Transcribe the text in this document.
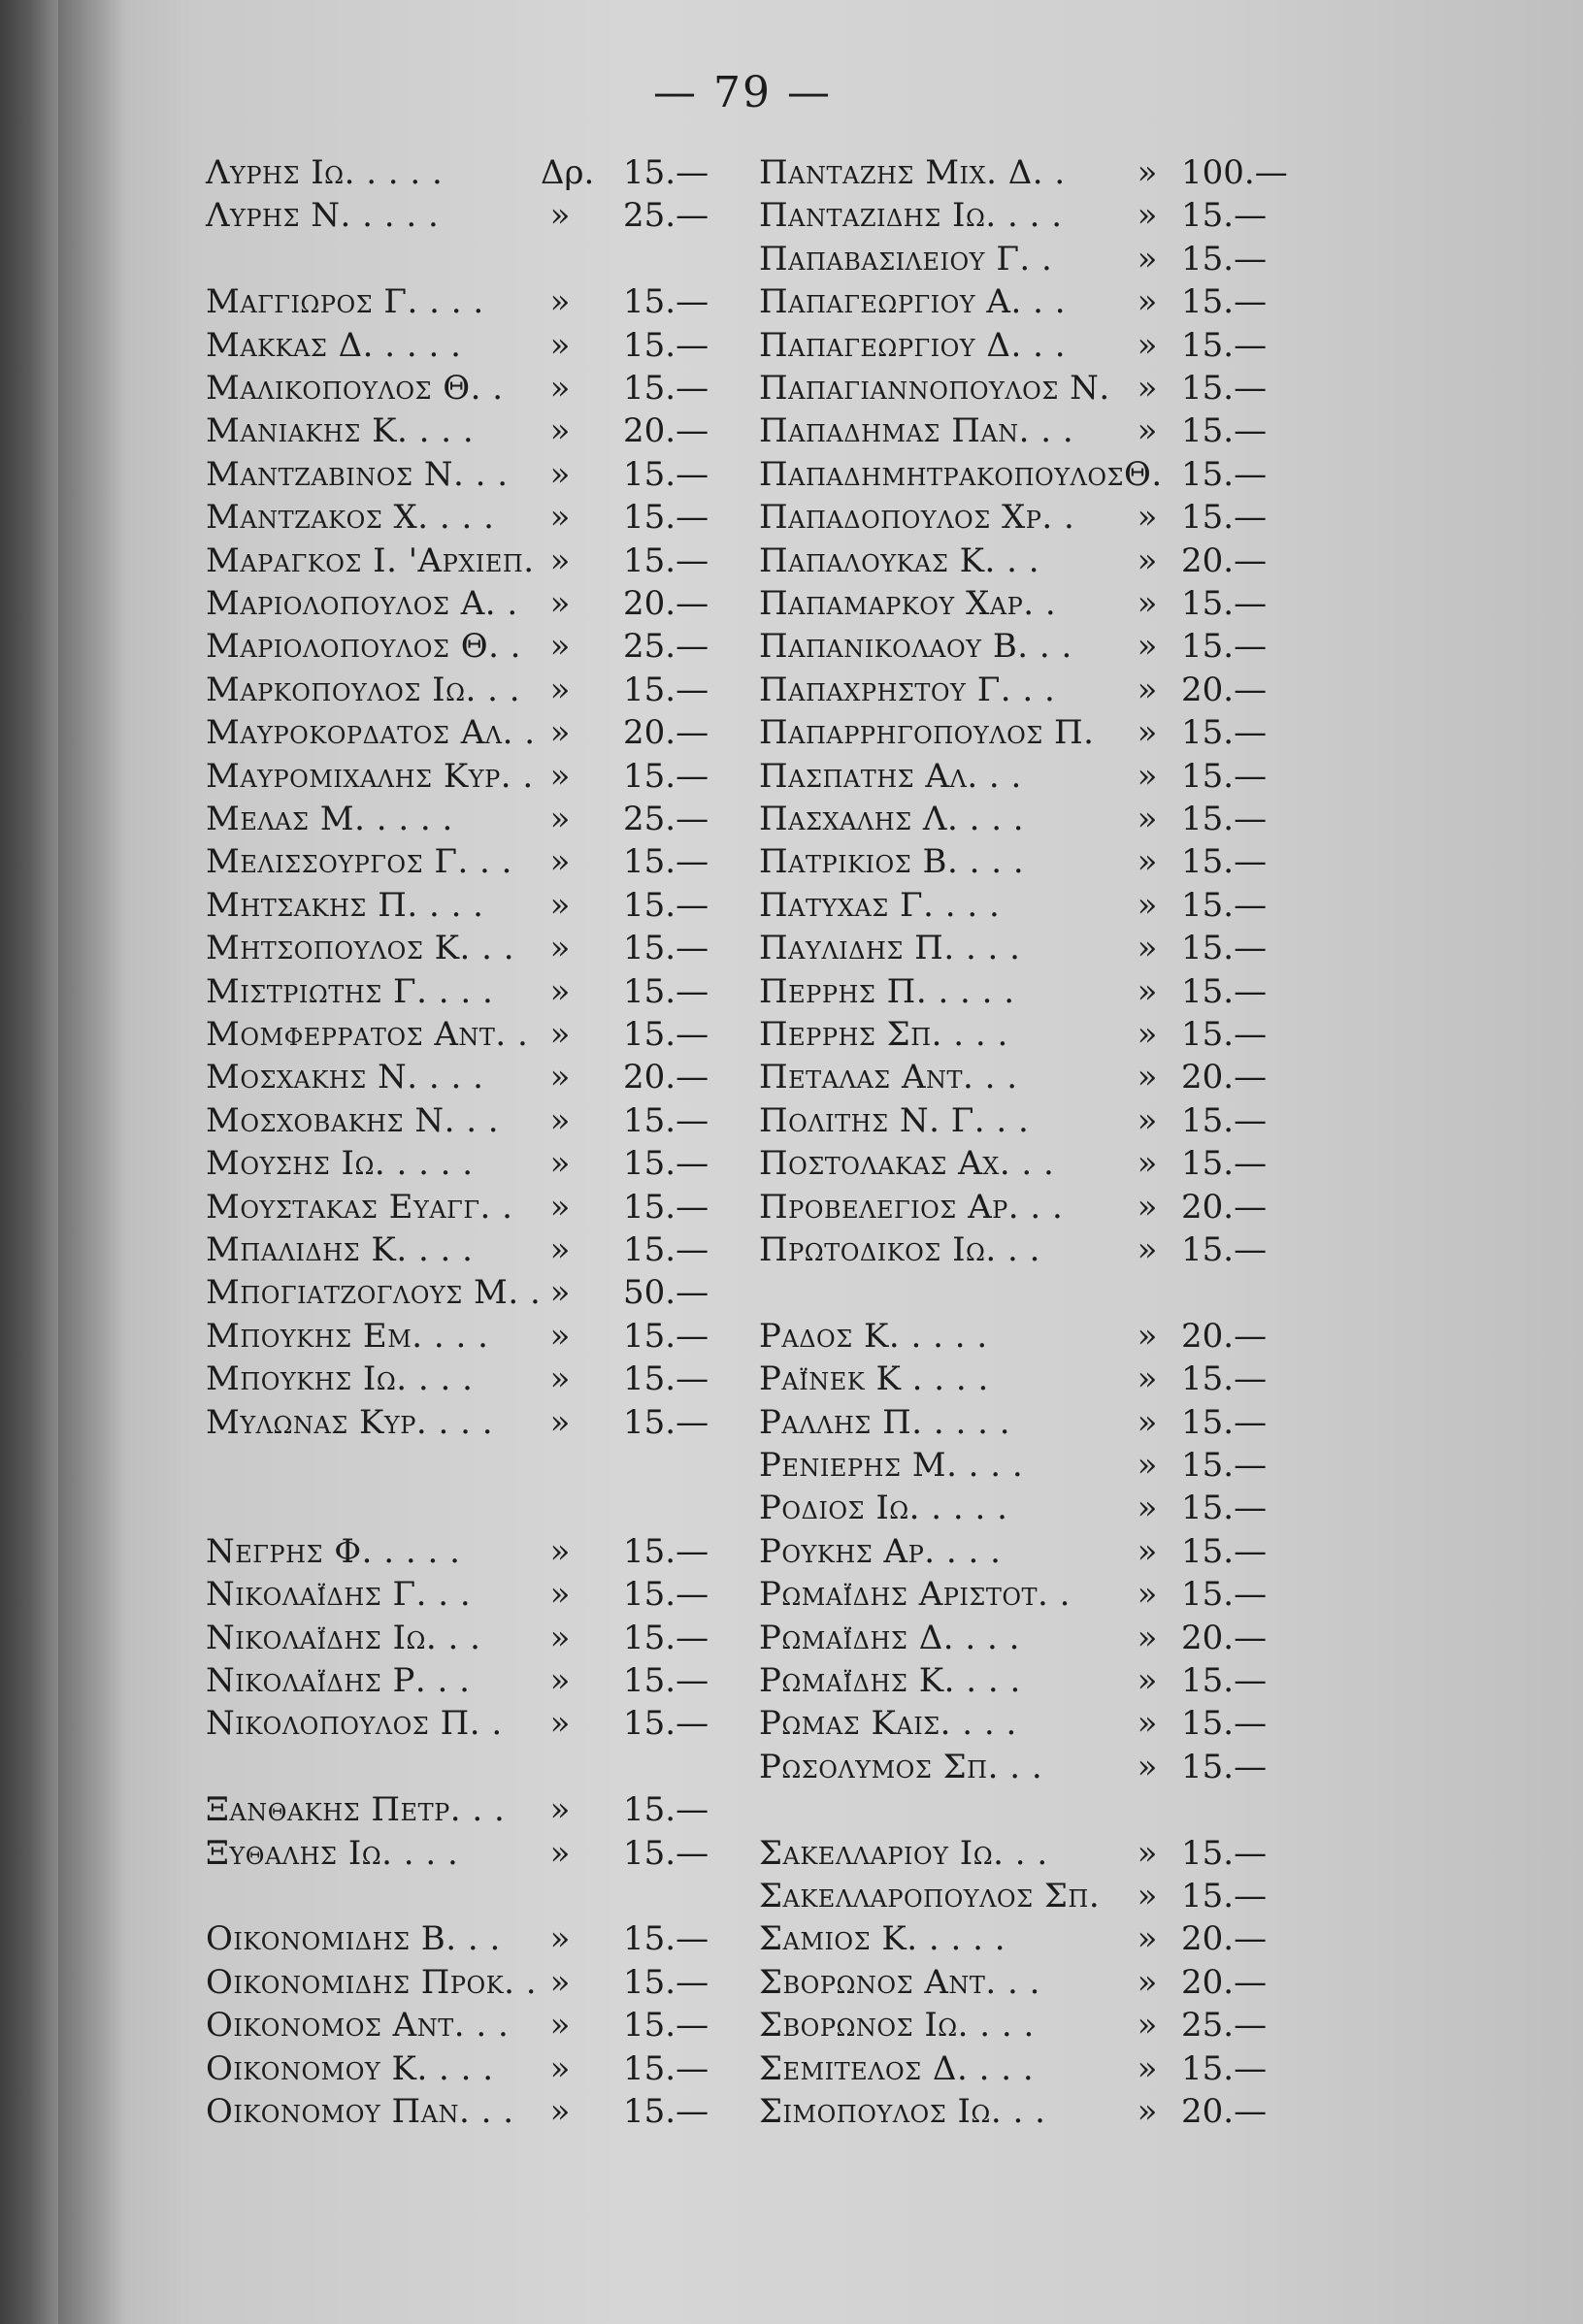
— 79 —
Λυρης Ιω. . . . .	Δρ. 15.—
Λυρης Ν. . . . .	» 25.—
Μαγγιωρος Γ. . . . » 15.—
Μακκας Δ. . . . .	» 15.—
Μαλικοπουλος Θ. . » 15.—
Μανιακης Κ. . . . » 20.—
Μαντζαβινος Ν. . . » 15.—
Μαντζακος Χ. . . . » 15.—
Μαραγκος Ι. 'Αρχιεπ. » 15.—
Μαριολοπουλος Α. . » 20.—
Μαριολοπουλος Θ. . » 25.—
Μαρκοπουλος Ιω. . . » 15.—
Μαυροκορδατος Αλ. . » 20.—
Μαυρομιχαλης Κυρ. . » 15.—
Μελας Μ. . . . .	» 25.—
Μελισσουργος Γ. . . » 15.—
Μητσακης Π. . . . » 15.—
Μητσοπουλος Κ. . . » 15.—
Μιστριωτης Γ. . . . » 15.—
Μομφερρατος Αντ. . » 15.—
Μοσχακης Ν. . . . » 20.—
Μοσχοβακης Ν. . . » 15.—
Μουσης Ιω. . . . . » 15.—
Μουστακας Ευαγγ. . » 15.—
Μπαλιδης Κ. . . . » 15.—
Μπογιατζογλους Μ. . » 50.—
Μπουκης Εμ. . . . » 15.—
Μπουκης Ιω. . . . » 15.—
Μυλωνας Κυρ. . . . » 15.—
Νεγρης Φ. . . . .	» 15.—
Νικολαΐδης Γ. . . » 15.—
Νικολαΐδης Ιω. . . » 15.—
Νικολαΐδης Ρ. . . » 15.—
Νικολοπουλος Π. . » 15.—
Ξανθακης Πετρ. . . » 15.—
Ξυθαλης Ιω. . . .	» 15.—
Οικονομιδης Β. . . » 15.—
Οικονομιδης Προκ. . » 15.—
Οικονομος Αντ. . . » 15.—
Οικονομου Κ. . . . » 15.—
Οικονομου Παν. . . » 15.—
Πανταζης Μιχ. Δ. . » 100.—
Πανταζιδης Ιω. . . . » 15.—
Παπαβασιλειου Γ. .	» 15.—
Παπαγεωργιου Α. . . » 15.—
Παπαγεωργιου Δ. . . » 15.—
Παπαγιαννοπουλος Ν. » 15.—
Παπαδημας Παν. . . » 15.—
ΠαπαδημητρακοπουλοςΘ. 15.—
Παπαδοπουλος Χρ. . » 15.—
Παπαλουκας Κ. . .	» 20.—
Παπαμαρκου Χαρ. . » 15.—
Παπανικολαου Β. . . » 15.—
Παπαχρηστου Γ. . . » 20.—
Παπαρρηγοπουλος Π. » 15.—
Πασπατης Αλ. . .	» 15.—
Πασχαλης Λ. . . .	» 15.—
Πατρικιος Β. . . .	» 15.—
Πατυχας Γ. . . .	» 15.—
Παυλιδης Π. . . .	» 15.—
Περρης Π. . . . .	» 15.—
Περρης Σπ. . . .	» 15.—
Πεταλας Αντ. . .	» 20.—
Πολιτης Ν. Γ. . .	» 15.—
Ποστολακας Αχ. . .	» 15.—
Προβελεγιος Αρ. . . » 20.—
Πρωτοδικος Ιω. . .	» 15.—
Ραδος Κ. . . . .	» 20.—
Ραΐνεκ Κ . . . .	» 15.—
Ραλλης Π. . . . .	» 15.—
Ρενιερης Μ. . . .	» 15.—
Ροδιος Ιω. . . . .	» 15.—
Ρουκης Αρ. . . .	» 15.—
Ρωμαΐδης Αριστοτ. . » 15.—
Ρωμαΐδης Δ. . . .	» 20.—
Ρωμαΐδης Κ. . . .	» 15.—
Ρωμας Καισ. . . .	» 15.—
Ρωσολυμος Σπ. . .	» 15.—
Σακελλαριου Ιω. . .	» 15.—
Σακελλαροπουλος Σπ. » 15.—
Σαμιος Κ. . . . .	» 20.—
Σβορωνος Αντ. . .	» 20.—
Σβορωνος Ιω. . . .	» 25.—
Σεμιτελος Δ. . . .	» 15.—
Σιμοπουλος Ιω. . .	» 20.—
